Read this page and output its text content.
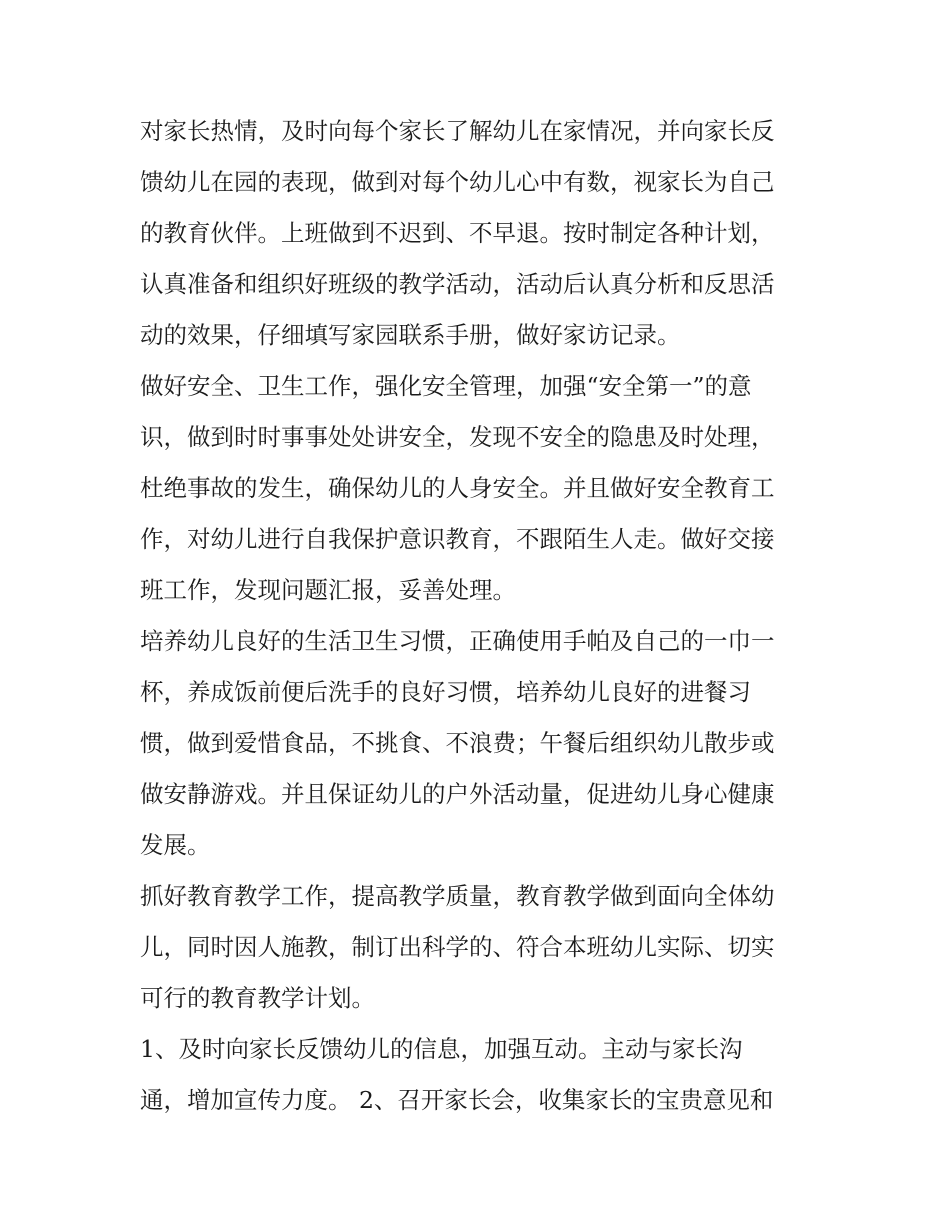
对家长热情，及时向每个家长了解幼儿在家情况，并向家长反
馈幼儿在园的表现，做到对每个幼儿心中有数，视家长为自己
的教育伙伴。上班做到不迟到、不早退。按时制定各种计划，
认真准备和组织好班级的教学活动，活动后认真分析和反思活
动的效果，仔细填写家园联系手册，做好家访记录。
做好安全、卫生工作，强化安全管理，加强“安全第一”的意
识，做到时时事事处处讲安全，发现不安全的隐患及时处理，
杜绝事故的发生，确保幼儿的人身安全。并且做好安全教育工
作，对幼儿进行自我保护意识教育，不跟陌生人走。做好交接
班工作，发现问题汇报，妥善处理。
培养幼儿良好的生活卫生习惯，正确使用手帕及自己的一巾一
杯，养成饭前便后洗手的良好习惯，培养幼儿良好的进餐习
惯，做到爱惜食品，不挑食、不浪费；午餐后组织幼儿散步或
做安静游戏。并且保证幼儿的户外活动量，促进幼儿身心健康
发展。
抓好教育教学工作，提高教学质量，教育教学做到面向全体幼
儿，同时因人施教，制订出科学的、符合本班幼儿实际、切实
可行的教育教学计划。
1、及时向家长反馈幼儿的信息，加强互动。主动与家长沟
通，增加宣传力度。 2、召开家长会，收集家长的宝贵意见和
